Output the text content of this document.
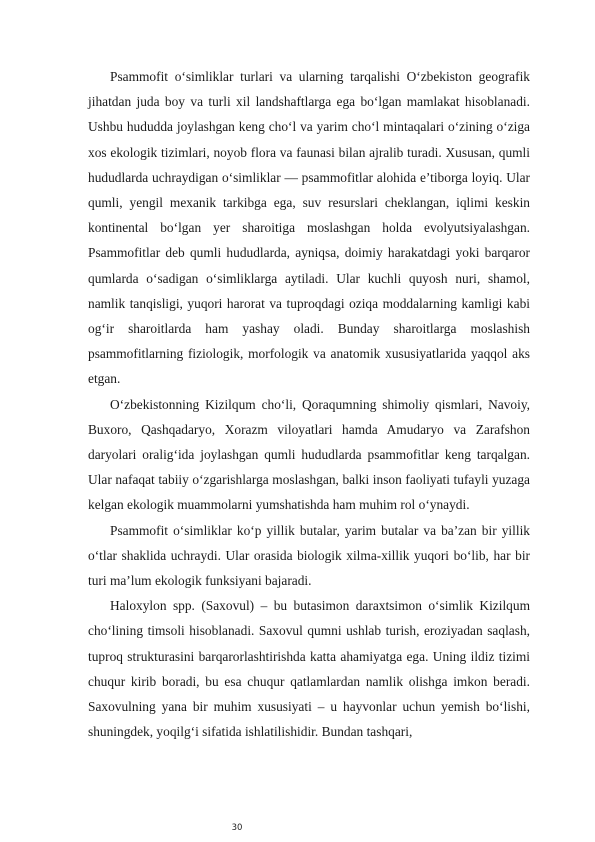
Psammofit o‘simliklar turlari va ularning tarqalishi O‘zbekiston geografik jihatdan juda boy va turli xil landshaftlarga ega bo‘lgan mamlakat hisoblanadi. Ushbu hududda joylashgan keng cho‘l va yarim cho‘l mintaqalari o‘zining o‘ziga xos ekologik tizimlari, noyob flora va faunasi bilan ajralib turadi. Xususan, qumli hududlarda uchraydigan o‘simliklar — psammofitlar alohida e’tiborga loyiq. Ular qumli, yengil mexanik tarkibga ega, suv resurslari cheklangan, iqlimi keskin kontinental bo‘lgan yer sharoitiga moslashgan holda evolyutsiyalashgan. Psammofitlar deb qumli hududlarda, ayniqsa, doimiy harakatdagi yoki barqaror qumlarda o‘sadigan o‘simliklarga aytiladi. Ular kuchli quyosh nuri, shamol, namlik tanqisligi, yuqori harorat va tuproqdagi oziqa moddalarning kamligi kabi og‘ir sharoitlarda ham yashay oladi. Bunday sharoitlarga moslashish psammofitlarning fiziologik, morfologik va anatomik xususiyatlarida yaqqol aks etgan.

O‘zbekistonning Kizilqum cho‘li, Qoraqumning shimoliy qismlari, Navoiy, Buxoro, Qashqadaryo, Xorazm viloyatlari hamda Amudaryo va Zarafshon daryolari oralig‘ida joylashgan qumli hududlarda psammofitlar keng tarqalgan. Ular nafaqat tabiiy o‘zgarishlarga moslashgan, balki inson faoliyati tufayli yuzaga kelgan ekologik muammolarni yumshatishda ham muhim rol o‘ynaydi.

Psammofit o‘simliklar ko‘p yillik butalar, yarim butalar va ba’zan bir yillik o‘tlar shaklida uchraydi. Ular orasida biologik xilma-xillik yuqori bo‘lib, har bir turi ma’lum ekologik funksiyani bajaradi.

Haloxylon spp. (Saxovul) – bu butasimon daraxtsimon o‘simlik Kizilqum cho‘lining timsoli hisoblanadi. Saxovul qumni ushlab turish, eroziyadan saqlash, tuproq strukturasini barqarorlashtirishda katta ahamiyatga ega. Uning ildiz tizimi chuqur kirib boradi, bu esa chuqur qatlamlardan namlik olishga imkon beradi. Saxovulning yana bir muhim xususiyati – u hayvonlar uchun yemish bo‘lishi, shuningdek, yoqilg‘i sifatida ishlatilishidir. Bundan tashqari,

30
